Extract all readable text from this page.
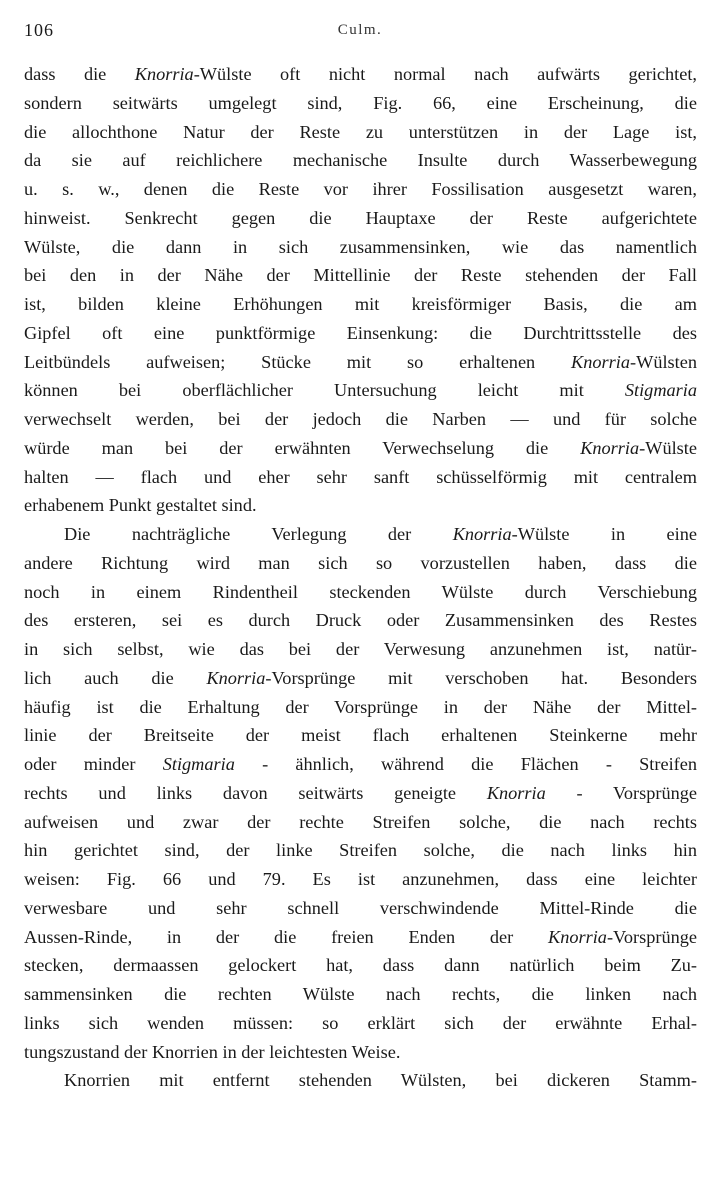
106	Culm.
dass die Knorria-Wülste oft nicht normal nach aufwärts gerichtet,
sondern seitwärts umgelegt sind, Fig. 66, eine Erscheinung, die
die allochthone Natur der Reste zu unterstützen in der Lage ist,
da sie auf reichlichere mechanische Insulte durch Wasserbewegung
u. s. w., denen die Reste vor ihrer Fossilisation ausgesetzt waren,
hinweist. Senkrecht gegen die Hauptaxe der Reste aufgerichtete
Wülste, die dann in sich zusammensinken, wie das namentlich
bei den in der Nähe der Mittellinie der Reste stehenden der Fall
ist, bilden kleine Erhöhungen mit kreisförmiger Basis, die am
Gipfel oft eine punktförmige Einsenkung: die Durchtrittsstelle des
Leitbündels aufweisen; Stücke mit so erhaltenen Knorria-Wülsten
können bei oberflächlicher Untersuchung leicht mit Stigmaria
verwechselt werden, bei der jedoch die Narben — und für solche
würde man bei der erwähnten Verwechselung die Knorria-Wülste
halten — flach und eher sehr sanft schüsselförmig mit centralem
erhabenem Punkt gestaltet sind.
Die nachträgliche Verlegung der Knorria-Wülste in eine
andere Richtung wird man sich so vorzustellen haben, dass die
noch in einem Rindentheil steckenden Wülste durch Verschiebung
des ersteren, sei es durch Druck oder Zusammensinken des Restes
in sich selbst, wie das bei der Verwesung anzunehmen ist, natür-
lich auch die Knorria-Vorsprünge mit verschoben hat. Besonders
häufig ist die Erhaltung der Vorsprünge in der Nähe der Mittel-
linie der Breitseite der meist flach erhaltenen Steinkerne mehr
oder minder Stigmaria - ähnlich, während die Flächen - Streifen
rechts und links davon seitwärts geneigte Knorria - Vorsprünge
aufweisen und zwar der rechte Streifen solche, die nach rechts
hin gerichtet sind, der linke Streifen solche, die nach links hin
weisen: Fig. 66 und 79. Es ist anzunehmen, dass eine leichter
verwesbare und sehr schnell verschwindende Mittel-Rinde die
Aussen-Rinde, in der die freien Enden der Knorria-Vorsprünge
stecken, dermaassen gelockert hat, dass dann natürlich beim Zu-
sammensinken die rechten Wülste nach rechts, die linken nach
links sich wenden müssen: so erklärt sich der erwähnte Erhal-
tungszustand der Knorrien in der leichtesten Weise.
Knorrien mit entfernt stehenden Wülsten, bei dickeren Stamm-
